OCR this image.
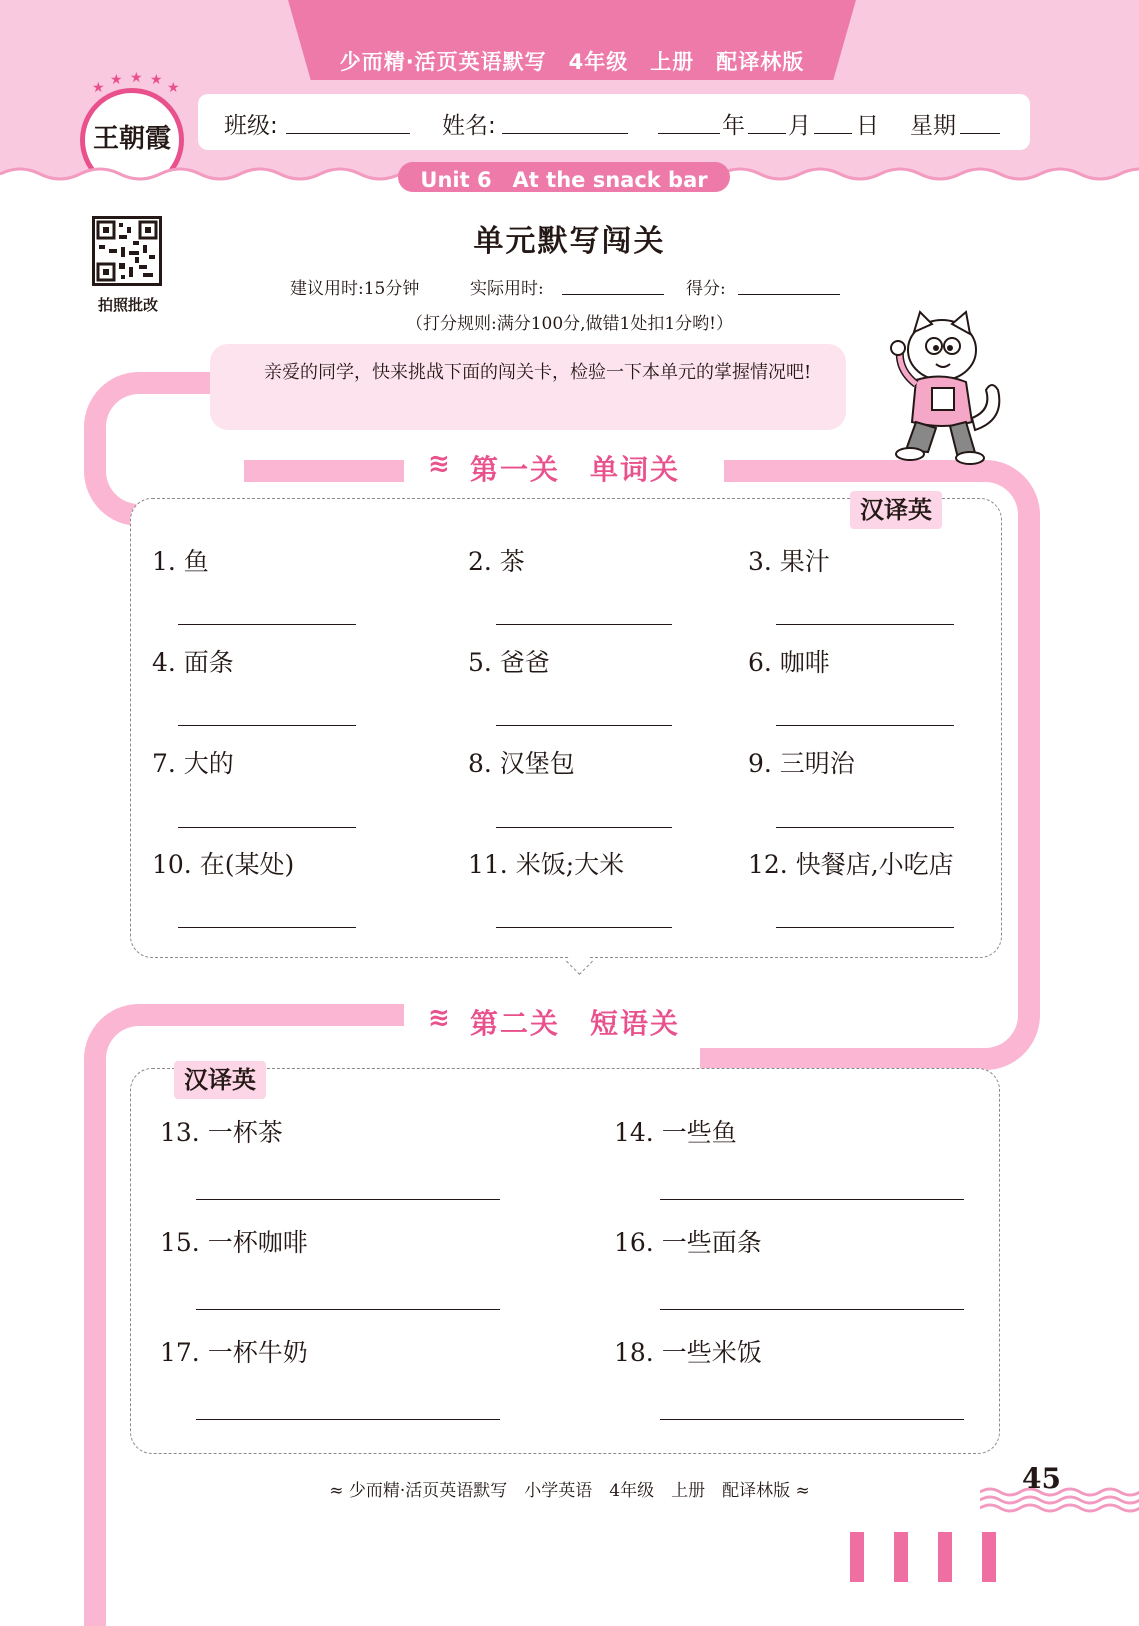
少而精·活页英语默写　4年级　上册　配译林版
班级:	姓名:	年 月 日 星期
★ ★ ★ ★ ★
王朝霞
Unit 6　At the snack bar
拍照批改
单元默写闯关
建议用时:15分钟	实际用时:	得分:
（打分规则:满分100分,做错1处扣1分哟!）
亲爱的同学，快来挑战下面的闯关卡，检验一下本单元的掌握情况吧!
≋ 第一关　单词关
汉译英
1. 鱼	2. 茶	3. 果汁
4. 面条	5. 爸爸	6. 咖啡
7. 大的	8. 汉堡包	9. 三明治
10. 在(某处)	11. 米饭;大米	12. 快餐店,小吃店
≋ 第二关　短语关
汉译英
13. 一杯茶	14. 一些鱼
15. 一杯咖啡	16. 一些面条
17. 一杯牛奶	18. 一些米饭
≈ 少而精·活页英语默写　小学英语　4年级　上册　配译林版 ≈	45
